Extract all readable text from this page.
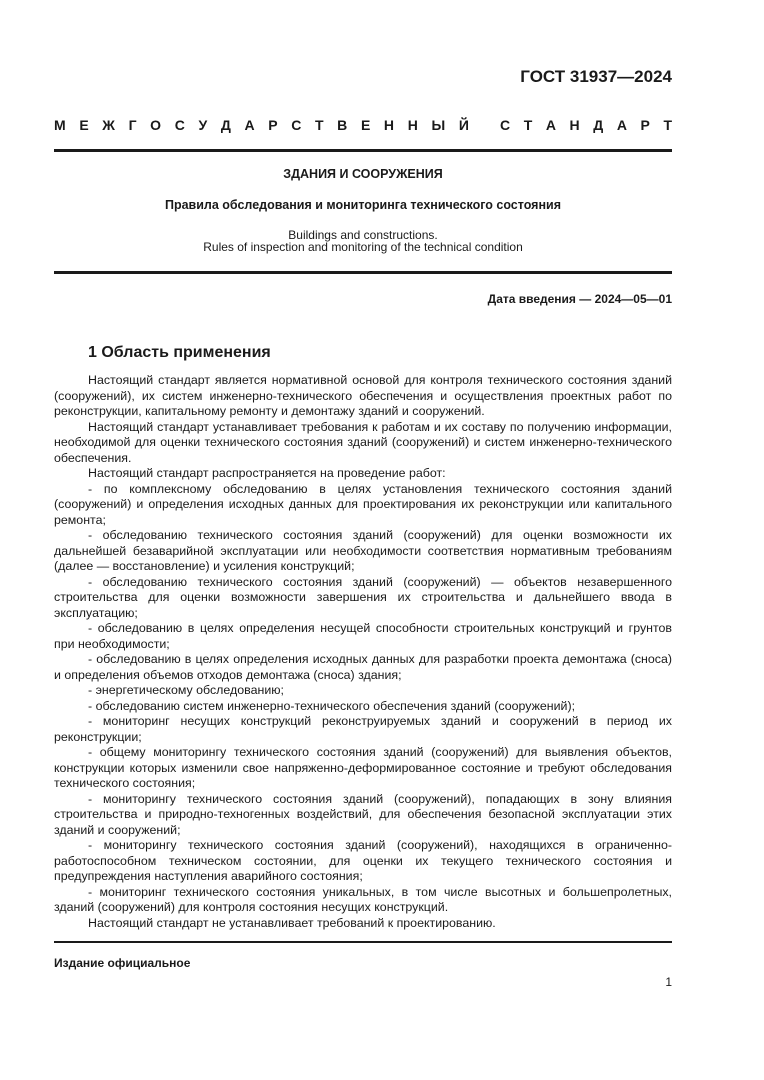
ГОСТ 31937—2024
М Е Ж Г О С У Д А Р С Т В Е Н Н Ы Й С Т А Н Д А Р Т
ЗДАНИЯ И СООРУЖЕНИЯ
Правила обследования и мониторинга технического состояния
Buildings and constructions.
Rules of inspection and monitoring of the technical condition
Дата введения — 2024—05—01
1 Область применения

Настоящий стандарт является нормативной основой для контроля технического состояния зданий (сооружений), их систем инженерно-технического обеспечения и осуществления проектных работ по реконструкции, капитальному ремонту и демонтажу зданий и сооружений.

Настоящий стандарт устанавливает требования к работам и их составу по получению информации, необходимой для оценки технического состояния зданий (сооружений) и систем инженерно-технического обеспечения.

Настоящий стандарт распространяется на проведение работ:

- по комплексному обследованию в целях установления технического состояния зданий (сооружений) и определения исходных данных для проектирования их реконструкции или капитального ремонта;

- обследованию технического состояния зданий (сооружений) для оценки возможности их дальнейшей безаварийной эксплуатации или необходимости соответствия нормативным требованиям (далее — восстановление) и усиления конструкций;

- обследованию технического состояния зданий (сооружений) — объектов незавершенного строительства для оценки возможности завершения их строительства и дальнейшего ввода в эксплуатацию;

- обследованию в целях определения несущей способности строительных конструкций и грунтов при необходимости;

- обследованию в целях определения исходных данных для разработки проекта демонтажа (сноса) и определения объемов отходов демонтажа (сноса) здания;

- энергетическому обследованию;

- обследованию систем инженерно-технического обеспечения зданий (сооружений);

- мониторинг несущих конструкций реконструируемых зданий и сооружений в период их реконструкции;

- общему мониторингу технического состояния зданий (сооружений) для выявления объектов, конструкции которых изменили свое напряженно-деформированное состояние и требуют обследования технического состояния;

- мониторингу технического состояния зданий (сооружений), попадающих в зону влияния строительства и природно-техногенных воздействий, для обеспечения безопасной эксплуатации этих зданий и сооружений;

- мониторингу технического состояния зданий (сооружений), находящихся в ограниченно-работоспособном техническом состоянии, для оценки их текущего технического состояния и предупреждения наступления аварийного состояния;

- мониторинг технического состояния уникальных, в том числе высотных и большепролетных, зданий (сооружений) для контроля состояния несущих конструкций.

Настоящий стандарт не устанавливает требований к проектированию.

Издание официальное
1
